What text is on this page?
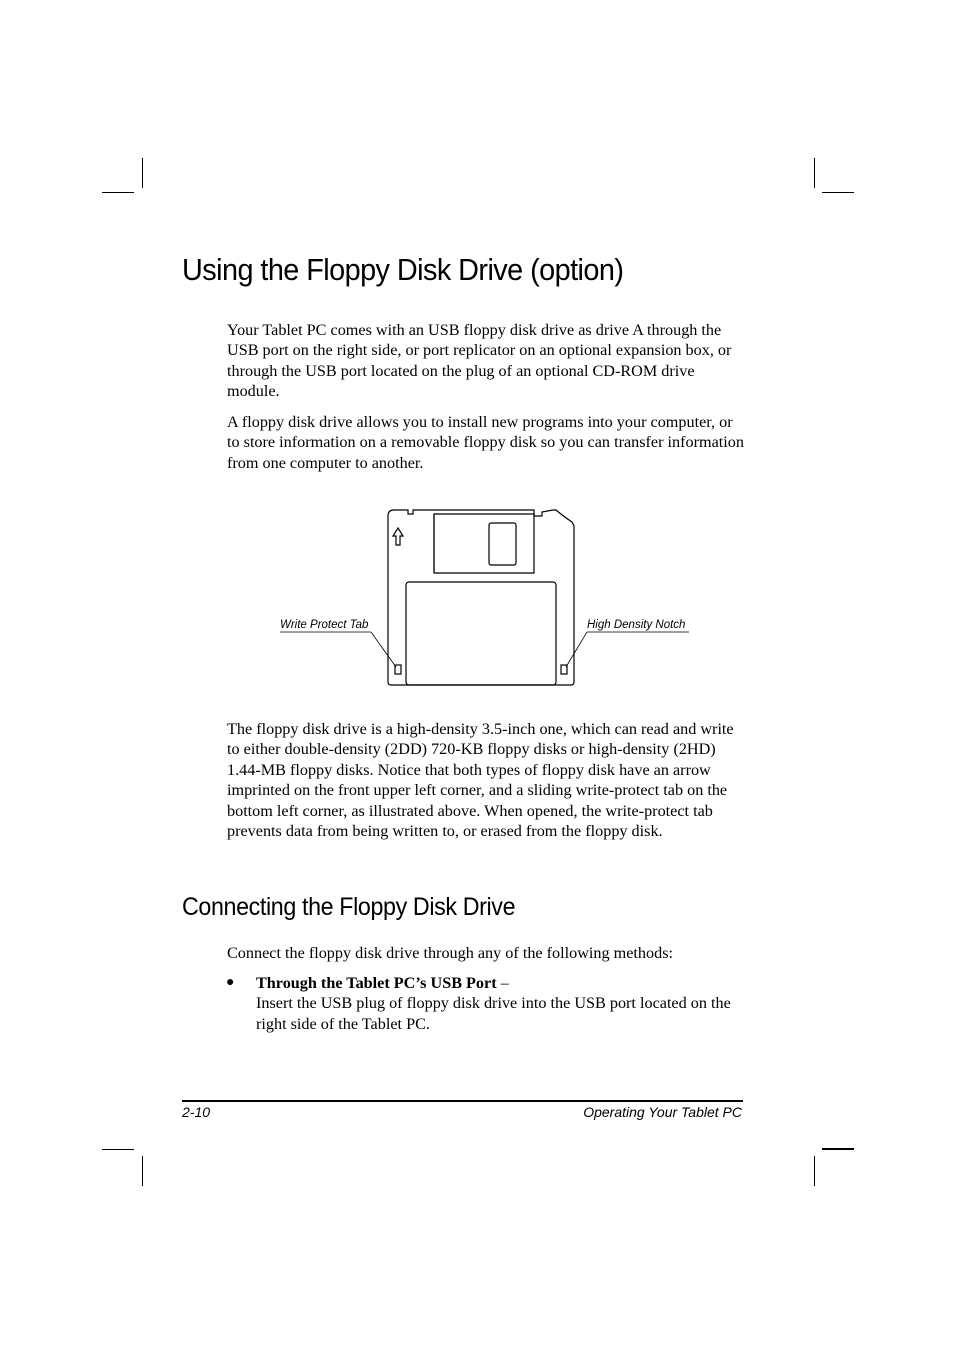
Using the Floppy Disk Drive (option)

Your Tablet PC comes with an USB floppy disk drive as drive A through the USB port on the right side, or port replicator on an optional expansion box, or through the USB port located on the plug of an optional CD-ROM drive module.

A floppy disk drive allows you to install new programs into your computer, or to store information on a removable floppy disk so you can transfer information from one computer to another.

Write Protect Tab	High Density Notch

The floppy disk drive is a high-density 3.5-inch one, which can read and write to either double-density (2DD) 720-KB floppy disks or high-density (2HD) 1.44-MB floppy disks. Notice that both types of floppy disk have an arrow imprinted on the front upper left corner, and a sliding write-protect tab on the bottom left corner, as illustrated above. When opened, the write-protect tab prevents data from being written to, or erased from the floppy disk.

Connecting the Floppy Disk Drive

Connect the floppy disk drive through any of the following methods:

● Through the Tablet PC’s USB Port –
Insert the USB plug of floppy disk drive into the USB port located on the right side of the Tablet PC.
2-10	Operating Your Tablet PC
